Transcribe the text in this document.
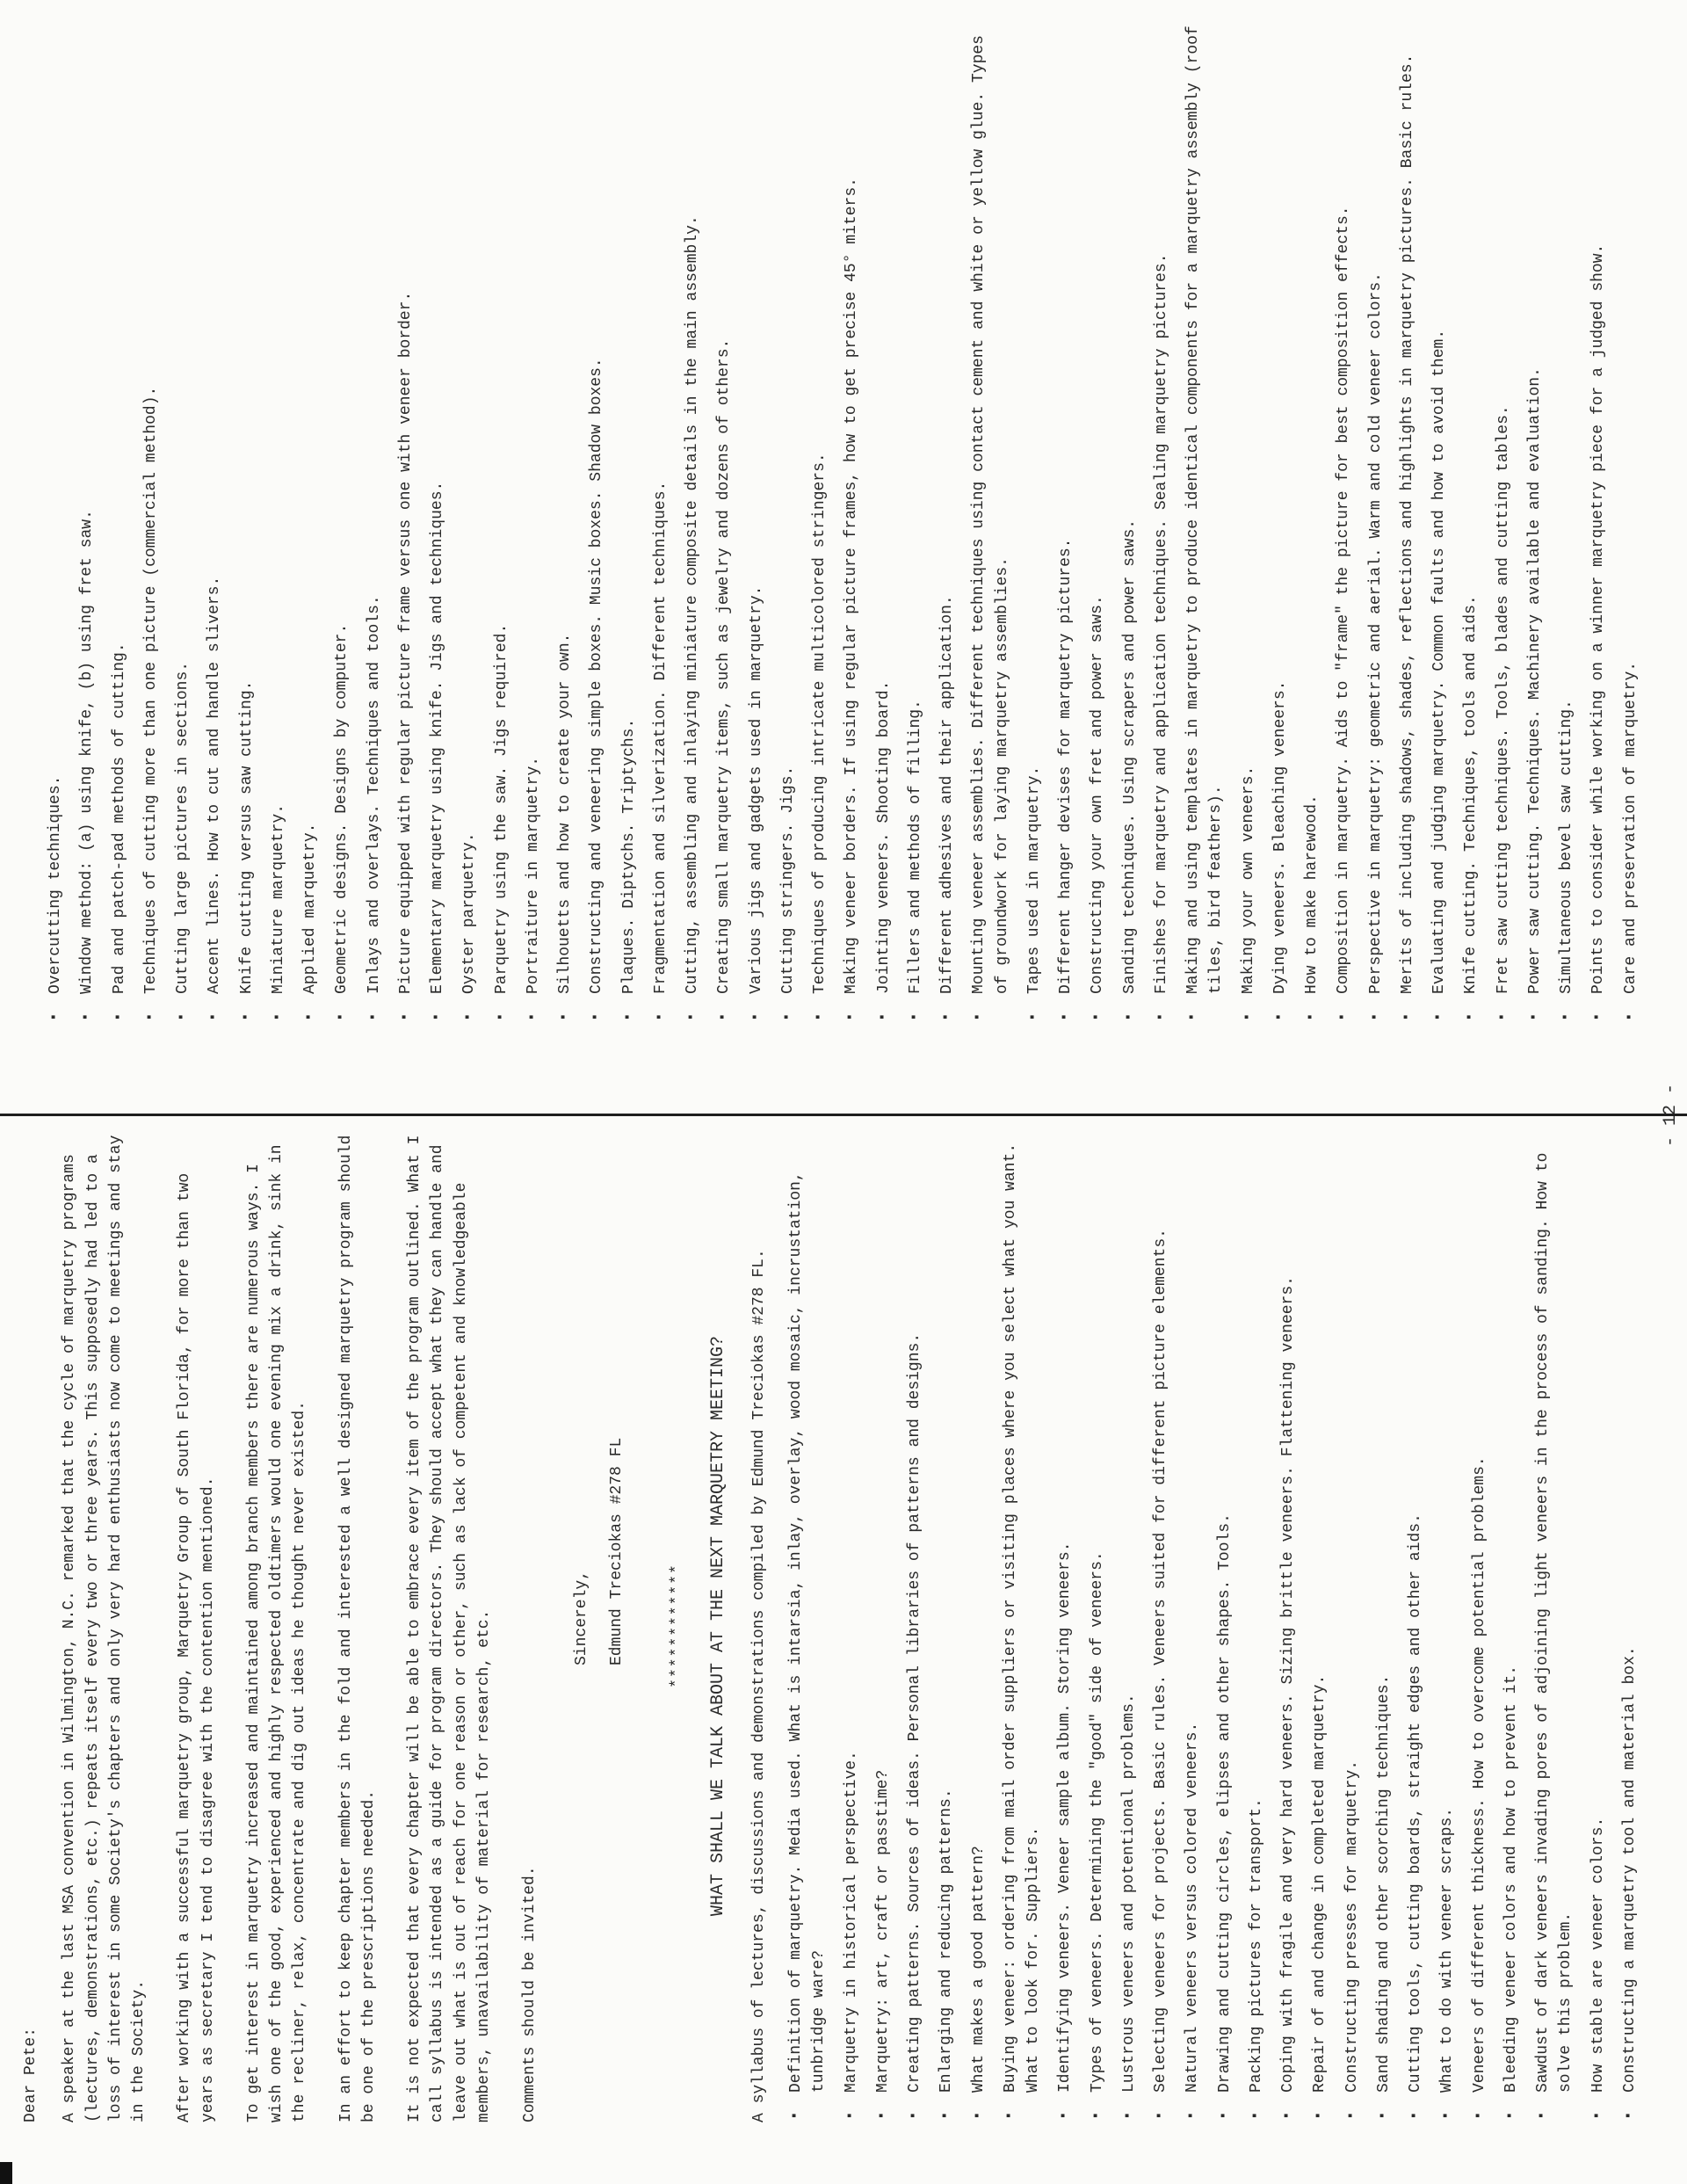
Dear Pete: A speaker at the last MSA convention in Wilmington, N.C. remarked that the cycle of marquetry programs (lectures, demonstrations, etc.) repeats itself every two or three years. This supposedly had led to a loss of interest in some Society's chapters and only very hard enthusiasts now come to meetings and stay in the Society. After working with a successful marquetry group, Marquetry Group of South Florida, for more than two years as secretary I tend to disagree with the contention mentioned. To get interest in marquetry increased and maintained among branch members there are numerous ways. I wish one of the good, experienced and highly respected oldtimers would one evening mix a drink, sink in the recliner, relax, concentrate and dig out ideas he thought never existed. In an effort to keep chapter members in the fold and interested a well designed marquetry program should be one of the prescriptions needed. It is not expected that every chapter will be able to embrace every item of the program outlined. What I call syllabus is intended as a guide for program directors. They should accept what they can handle and leave out what is out of reach for one reason or other, such as lack of competent and knowledgeable members, unavailability of material for research, etc. Comments should be invited.

Sincerely, Edmund Treciokas #278 FL	************ WHAT SHALL WE TALK ABOUT AT THE NEXT MARQUETRY MEETING? A syllabus of lectures, discussions and demonstrations compiled by Edmund Treciokas #278 FL. · Definition of marquetry. Media used. What is intarsia, inlay, overlay, wood mosaic, incrustation, tunbridge ware? · Marquetry in historical perspective. · Marquetry: art, craft or passtime? · Creating patterns. Sources of ideas. Personal libraries of patterns and designs. · Enlarging and reducing patterns. · What makes a good pattern? · Buying veneer: ordering from mail order suppliers or visiting places where you select what you want. What to look for. Suppliers. · Identifying veneers. Veneer sample album. Storing veneers. · Types of veneers. Determining the "good" side of veneers. · Lustrous veneers and potentional problems. · Selecting veneers for projects. Basic rules. Veneers suited for different picture elements. · Natural veneers versus colored veneers. · Drawing and cutting circles, elipses and other shapes. Tools. · Packing pictures for transport. · Coping with fragile and very hard veneers. Sizing brittle veneers. Flattening veneers. · Repair of and change in completed marquetry. · Constructing presses for marquetry. · Sand shading and other scorching techniques. · Cutting tools, cutting boards, straight edges and other aids. · What to do with veneer scraps. · Veneers of different thickness. How to overcome potential problems. · Bleeding veneer colors and how to prevent it. · Sawdust of dark veneers invading pores of adjoining light veneers in the process of sanding. How to solve this problem. · How stable are veneer colors. · Constructing a marquetry tool and material box.
· Overcutting techniques. · Window method: (a) using knife, (b) using fret saw. · Pad and patch-pad methods of cutting. · Techniques of cutting more than one picture (commercial method). · Cutting large pictures in sections. · Accent lines. How to cut and handle slivers. · Knife cutting versus saw cutting. · Miniature marquetry. · Applied marquetry. · Geometric designs. Designs by computer. · Inlays and overlays. Techniques and tools. · Picture equipped with regular picture frame versus one with veneer border. · Elementary marquetry using knife. Jigs and techniques. · Oyster parquetry. · Parquetry using the saw. Jigs required. · Portraiture in marquetry. · Silhouetts and how to create your own. · Constructing and veneering simple boxes. Music boxes. Shadow boxes. · Plaques. Diptychs. Triptychs. · Fragmentation and silverization. Different techniques. · Cutting, assembling and inlaying miniature composite details in the main assembly. · Creating small marquetry items, such as jewelry and dozens of others. · Various jigs and gadgets used in marquetry. · Cutting stringers. Jigs. · Techniques of producing intricate multicolored stringers. · Making veneer borders. If using regular picture frames, how to get precise 45° miters. · Jointing veneers. Shooting board. · Fillers and methods of filling. · Different adhesives and their application. · Mounting veneer assemblies. Different techniques using contact cement and white or yellow glue. Types of groundwork for laying marquetry assemblies. · Tapes used in marquetry. · Different hanger devises for marquetry pictures. · Constructing your own fret and power saws. · Sanding techniques. Using scrapers and power saws. · Finishes for marquetry and application techniques. Sealing marquetry pictures. · Making and using templates in marquetry to produce identical components for a marquetry assembly (roof tiles, bird feathers). · Making your own veneers. · Dying veneers. Bleaching veneers. · How to make harewood. · Composition in marquetry. Aids to "frame" the picture for best composition effects. · Perspective in marquetry: geometric and aerial. Warm and cold veneer colors. · Merits of including shadows, shades, reflections and highlights in marquetry pictures. Basic rules. · Evaluating and judging marquetry. Common faults and how to avoid them. · Knife cutting. Techniques, tools and aids. · Fret saw cutting techniques. Tools, blades and cutting tables. · Power saw cutting. Techniques. Machinery available and evaluation. · Simultaneous bevel saw cutting. · Points to consider while working on a winner marquetry piece for a judged show. · Care and preservation of marquetry.
- 12 -
